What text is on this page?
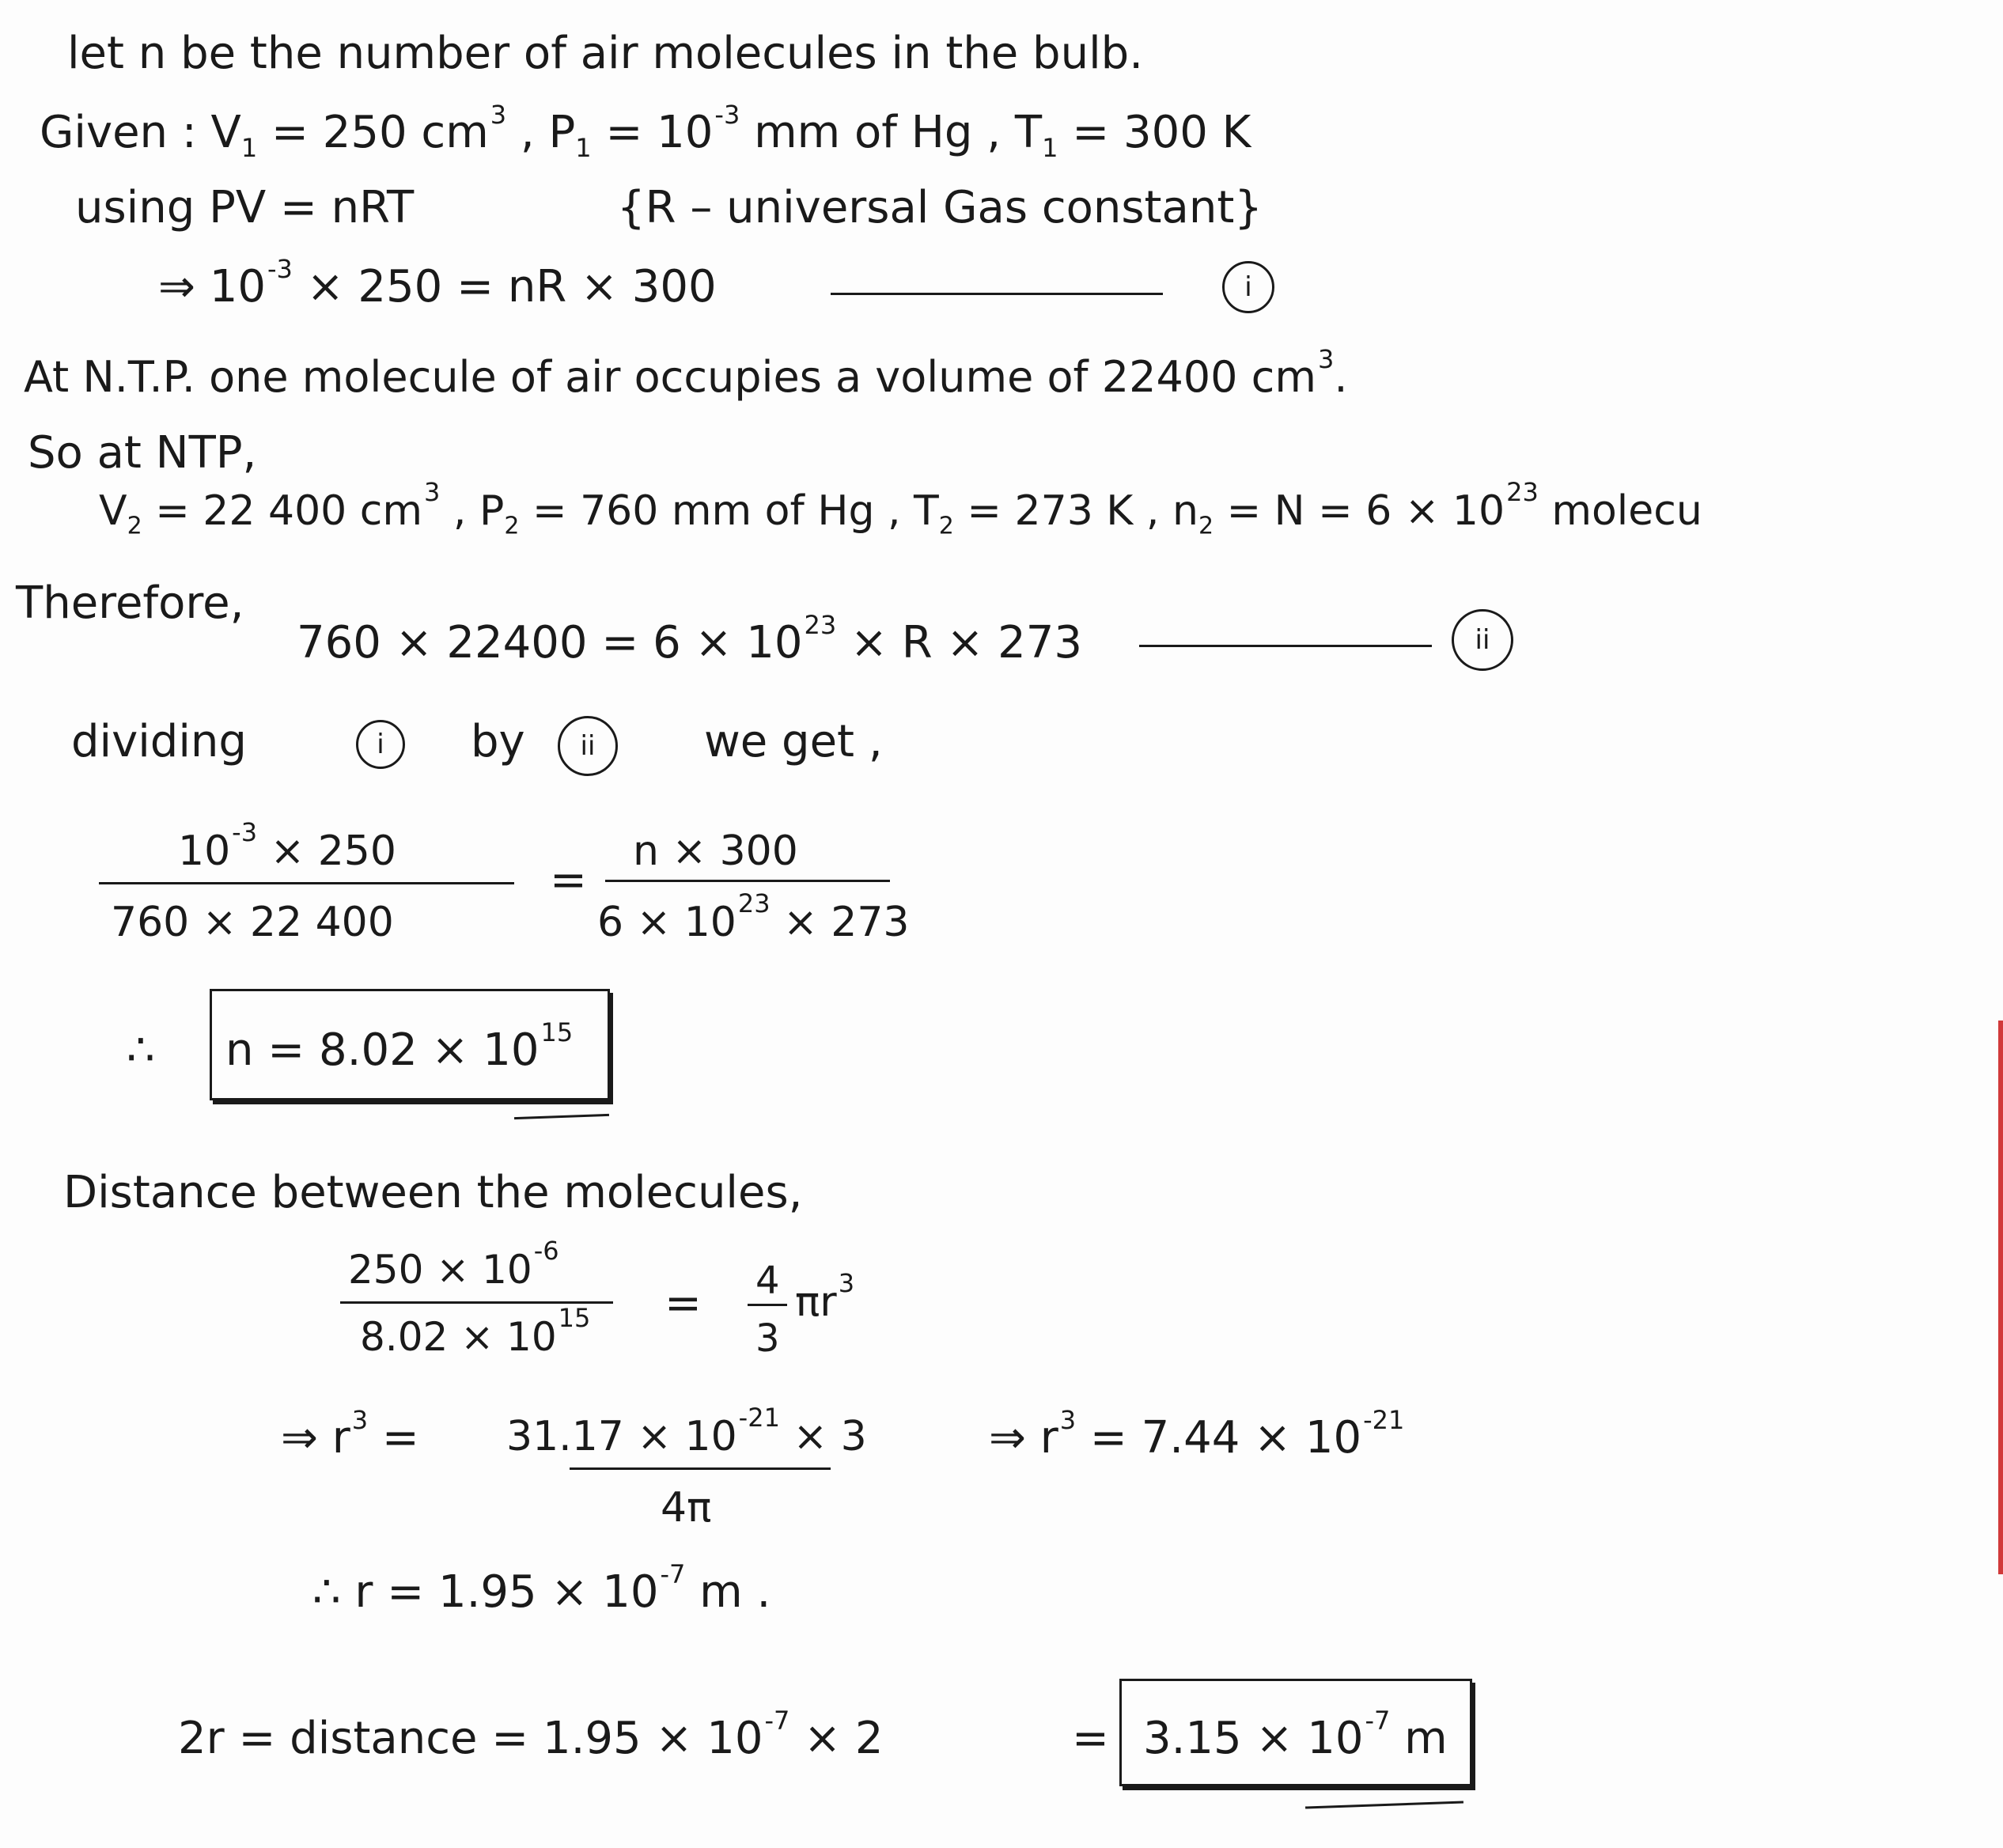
let n be the number of air molecules in the bulb.
Given : $V_1 = 250$ $cm^3$ , $P_1 = 10^{-3}$ mm of Hg , $T_1 = 300$ K
using PV = nRT	{R – universal Gas constant}
⇒ $10^{-3} \times 250$ = nR × 300	i
At N.T.P. one molecule of air occupies a volume of 22400 $cm^3$.
So at NTP,
$V_2 = 22$ 400 $cm^3$ , $P_2 = 760$ mm of Hg , $T_2 = 273$ K , $n_2 = N = 6 \times 10^{23}$ molecu
Therefore,
$760 \times 22400 = 6 \times 10^{23} \times R \times 273$	ii
dividing	i by ii we get ,
$10^{-3} \times 250$
760 × 22 400
=
n × 300
$6 \times 10^{23} \times 273$
∴ $n = 8.02 \times 10^{15}$
Distance between the molecules,
$250 \times 10^{-6}$
$8.02 \times 10^{15} = 4$
3
$\pi r^3$
⇒ $r^3 = 31.17 \times 10^{-21} \times 3$
4π
⇒ $r^3 = 7.44 \times 10^{-21}$
∴ $r = 1.95 \times 10^{-7}$ m .
2r = distance = $1.95 \times 10^{-7} \times 2$	= $3.15 \times 10^{-7}$ m
